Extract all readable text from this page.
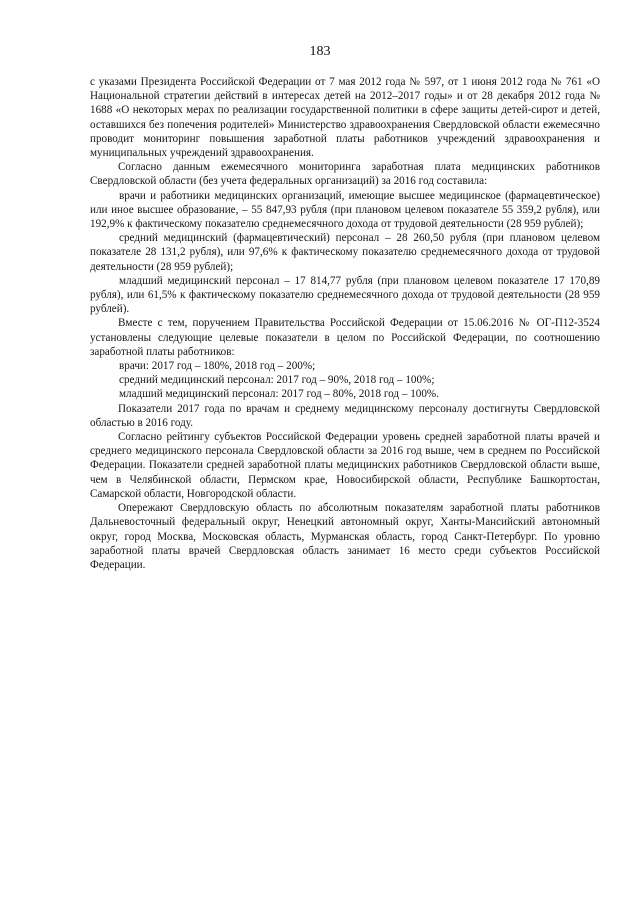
183

с указами Президента Российской Федерации от 7 мая 2012 года № 597, от 1 июня 2012 года № 761 «О Национальной стратегии действий в интересах детей на 2012–2017 годы» и от 28 декабря 2012 года № 1688 «О некоторых мерах по реализации государственной политики в сфере защиты детей-сирот и детей, оставшихся без попечения родителей» Министерство здравоохранения Свердловской области ежемесячно проводит мониторинг повышения заработной платы работников учреждений здравоохранения и муниципальных учреждений здравоохранения.

Согласно данным ежемесячного мониторинга заработная плата медицинских работников Свердловской области (без учета федеральных организаций) за 2016 год составила:

врачи и работники медицинских организаций, имеющие высшее медицинское (фармацевтическое) или иное высшее образование, – 55 847,93 рубля (при плановом целевом показателе 55 359,2 рубля), или 192,9% к фактическому показателю среднемесячного дохода от трудовой деятельности (28 959 рублей);

средний медицинский (фармацевтический) персонал – 28 260,50 рубля (при плановом целевом показателе 28 131,2 рубля), или 97,6% к фактическому показателю среднемесячного дохода от трудовой деятельности (28 959 рублей);

младший медицинский персонал – 17 814,77 рубля (при плановом целевом показателе 17 170,89 рубля), или 61,5% к фактическому показателю среднемесячного дохода от трудовой деятельности (28 959 рублей).

Вместе с тем, поручением Правительства Российской Федерации от 15.06.2016 № ОГ-П12-3524 установлены следующие целевые показатели в целом по Российской Федерации, по соотношению заработной платы работников:

врачи: 2017 год – 180%, 2018 год – 200%;

средний медицинский персонал: 2017 год – 90%, 2018 год – 100%;

младший медицинский персонал: 2017 год – 80%, 2018 год – 100%.

Показатели 2017 года по врачам и среднему медицинскому персоналу достигнуты Свердловской областью в 2016 году.

Согласно рейтингу субъектов Российской Федерации уровень средней заработной платы врачей и среднего медицинского персонала Свердловской области за 2016 год выше, чем в среднем по Российской Федерации. Показатели средней заработной платы медицинских работников Свердловской области выше, чем в Челябинской области, Пермском крае, Новосибирской области, Республике Башкортостан, Самарской области, Новгородской области.

Опережают Свердловскую область по абсолютным показателям заработной платы работников Дальневосточный федеральный округ, Ненецкий автономный округ, Ханты-Мансийский автономный округ, город Москва, Московская область, Мурманская область, город Санкт-Петербург. По уровню заработной платы врачей Свердловская область занимает 16 место среди субъектов Российской Федерации.
